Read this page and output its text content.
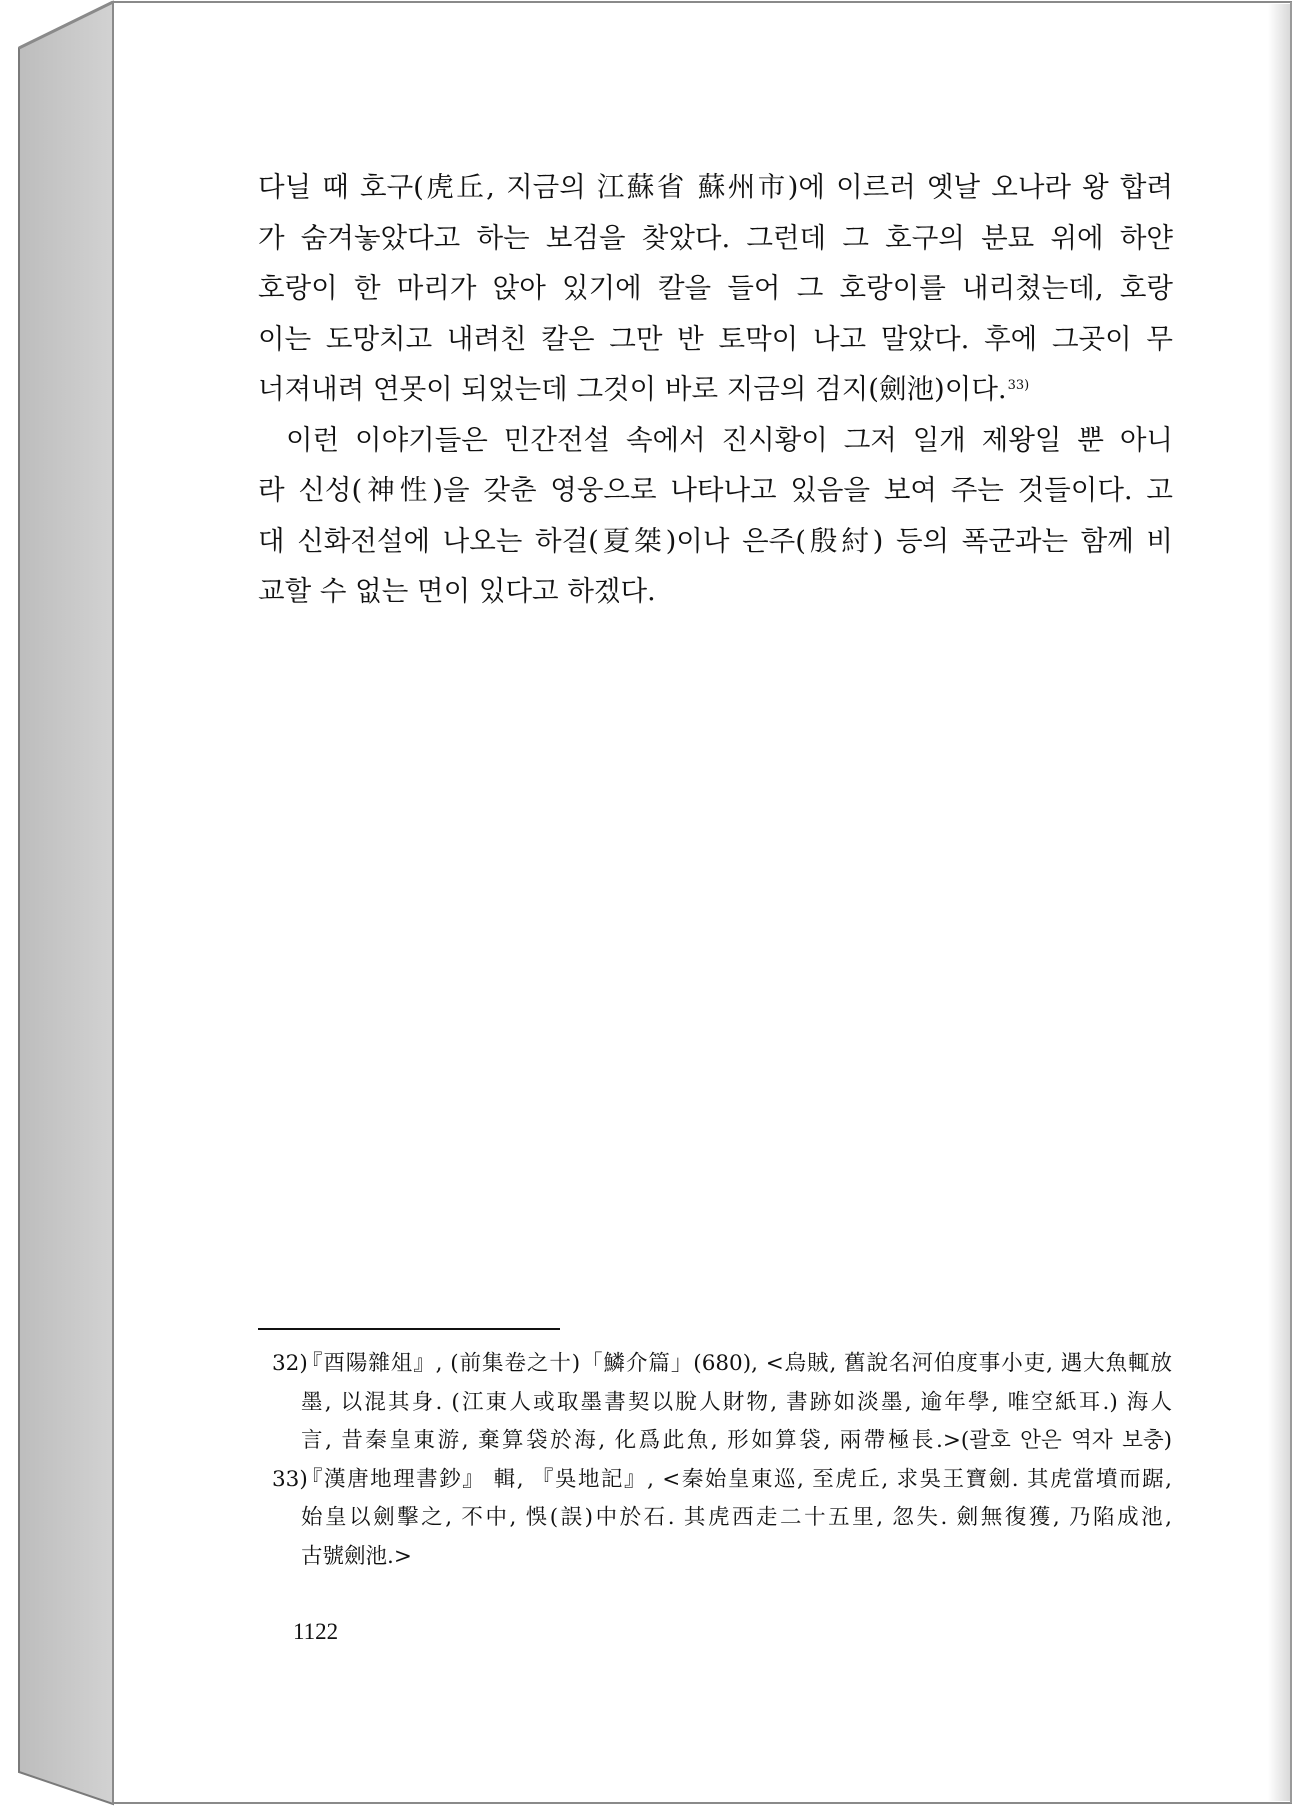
다닐 때 호구(虎丘, 지금의 江蘇省 蘇州市)에 이르러 옛날 오나라 왕 합려
가 숨겨놓았다고 하는 보검을 찾았다. 그런데 그 호구의 분묘 위에 하얀
호랑이 한 마리가 앉아 있기에 칼을 들어 그 호랑이를 내리쳤는데, 호랑
이는 도망치고 내려친 칼은 그만 반 토막이 나고 말았다. 후에 그곳이 무
너져내려 연못이 되었는데 그것이 바로 지금의 검지(劍池)이다.$^{33)}$
이런 이야기들은 민간전설 속에서 진시황이 그저 일개 제왕일 뿐 아니
라 신성(神性)을 갖춘 영웅으로 나타나고 있음을 보여 주는 것들이다. 고
대 신화전설에 나오는 하걸(夏桀)이나 은주(殷紂) 등의 폭군과는 함께 비
교할 수 없는 면이 있다고 하겠다.
32)
『酉陽雜俎』, (前集卷之十)「鱗介篇」(680), <烏賊, 舊說名河伯度事小吏, 遇大魚輒放
墨, 以混其身. (江東人或取墨書契以脫人財物, 書跡如淡墨, 逾年學, 唯空紙耳.) 海人
言, 昔秦皇東游, 棄算袋於海, 化爲此魚, 形如算袋, 兩帶極長.>(괄호 안은 역자 보충)
33)
『漢唐地理書鈔』 輯, 『吳地記』, <秦始皇東巡, 至虎丘, 求吳王寶劍. 其虎當墳而踞,
始皇以劍擊之, 不中, 悞(誤)中於石. 其虎西走二十五里, 忽失. 劍無復獲, 乃陷成池,
古號劍池.>
1122
